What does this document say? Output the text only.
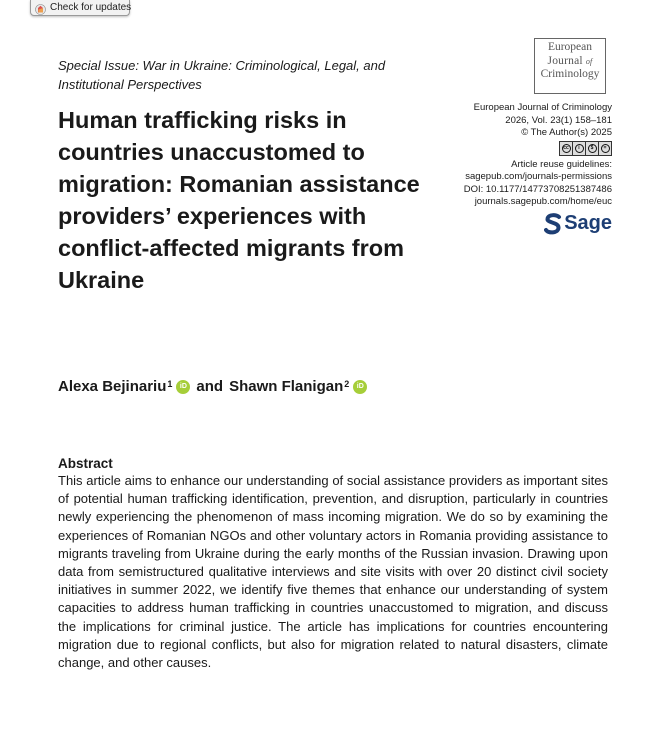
Check for updates
Special Issue: War in Ukraine: Criminological, Legal, and Institutional Perspectives
European
Journal of
Criminology
European Journal of Criminology
2026, Vol. 23(1) 158–181
© The Author(s) 2025
cc	i	$	=
Article reuse guidelines:
sagepub.com/journals-permissions
DOI: 10.1177/14773708251387486
journals.sagepub.com/home/euc
Sage
Human trafficking risks in countries unaccustomed to migration: Romanian assistance providers’ experiences with conflict-affected migrants from Ukraine
Alexa Bejinariu$^1$	iD and Shawn Flanigan$^2$	iD
Abstract

This article aims to enhance our understanding of social assistance providers as important sites of potential human trafficking identification, prevention, and disruption, particularly in countries newly experiencing the phenomenon of mass incoming migration. We do so by examining the experiences of Romanian NGOs and other voluntary actors in Romania providing assistance to migrants traveling from Ukraine during the early months of the Russian invasion. Drawing upon data from semistructured qualitative interviews and site visits with over 20 distinct civil society initiatives in summer 2022, we identify five themes that enhance our understanding of system capacities to address human trafficking in countries unaccustomed to migration, and discuss the implications for criminal justice. The article has implications for countries encountering migration due to regional conflicts, but also for migration related to natural disasters, climate change, and other causes.
